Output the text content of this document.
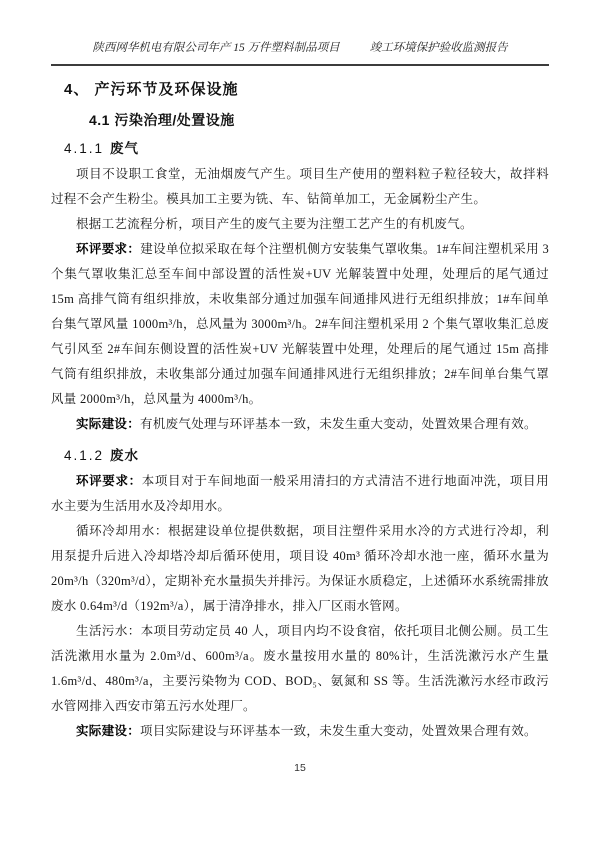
陕西网华机电有限公司年产 15 万件塑料制品项目	竣工环境保护验收监测报告
4、 产污环节及环保设施
4.1 污染治理/处置设施
4.1.1 废气

项目不设职工食堂，无油烟废气产生。项目生产使用的塑料粒子粒径较大，故拌料过程不会产生粉尘。模具加工主要为铣、车、钻简单加工，无金属粉尘产生。

根据工艺流程分析，项目产生的废气主要为注塑工艺产生的有机废气。

环评要求：建设单位拟采取在每个注塑机侧方安装集气罩收集。1#车间注塑机采用 3 个集气罩收集汇总至车间中部设置的活性炭+UV 光解装置中处理，处理后的尾气通过 15m 高排气筒有组织排放，未收集部分通过加强车间通排风进行无组织排放；1#车间单台集气罩风量 1000m³/h，总风量为 3000m³/h。2#车间注塑机采用 2 个集气罩收集汇总废气引风至 2#车间东侧设置的活性炭+UV 光解装置中处理，处理后的尾气通过 15m 高排气筒有组织排放，未收集部分通过加强车间通排风进行无组织排放；2#车间单台集气罩风量 2000m³/h，总风量为 4000m³/h。

实际建设：有机废气处理与环评基本一致，未发生重大变动，处置效果合理有效。

4.1.2 废水

环评要求：本项目对于车间地面一般采用清扫的方式清洁不进行地面冲洗，项目用水主要为生活用水及冷却用水。

循环冷却用水：根据建设单位提供数据，项目注塑件采用水冷的方式进行冷却，利用泵提升后进入冷却塔冷却后循环使用，项目设 40m³ 循环冷却水池一座，循环水量为 20m³/h（320m³/d），定期补充水量损失并排污。为保证水质稳定，上述循环水系统需排放废水 0.64m³/d（192m³/a），属于清净排水，排入厂区雨水管网。

生活污水：本项目劳动定员 40 人，项目内均不设食宿，依托项目北侧公厕。员工生活洗漱用水量为 2.0m³/d、600m³/a。废水量按用水量的 80%计，生活洗漱污水产生量 1.6m³/d、480m³/a，主要污染物为 COD、BOD₅、氨氮和 SS 等。生活洗漱污水经市政污水管网排入西安市第五污水处理厂。

实际建设：项目实际建设与环评基本一致，未发生重大变动，处置效果合理有效。

15
